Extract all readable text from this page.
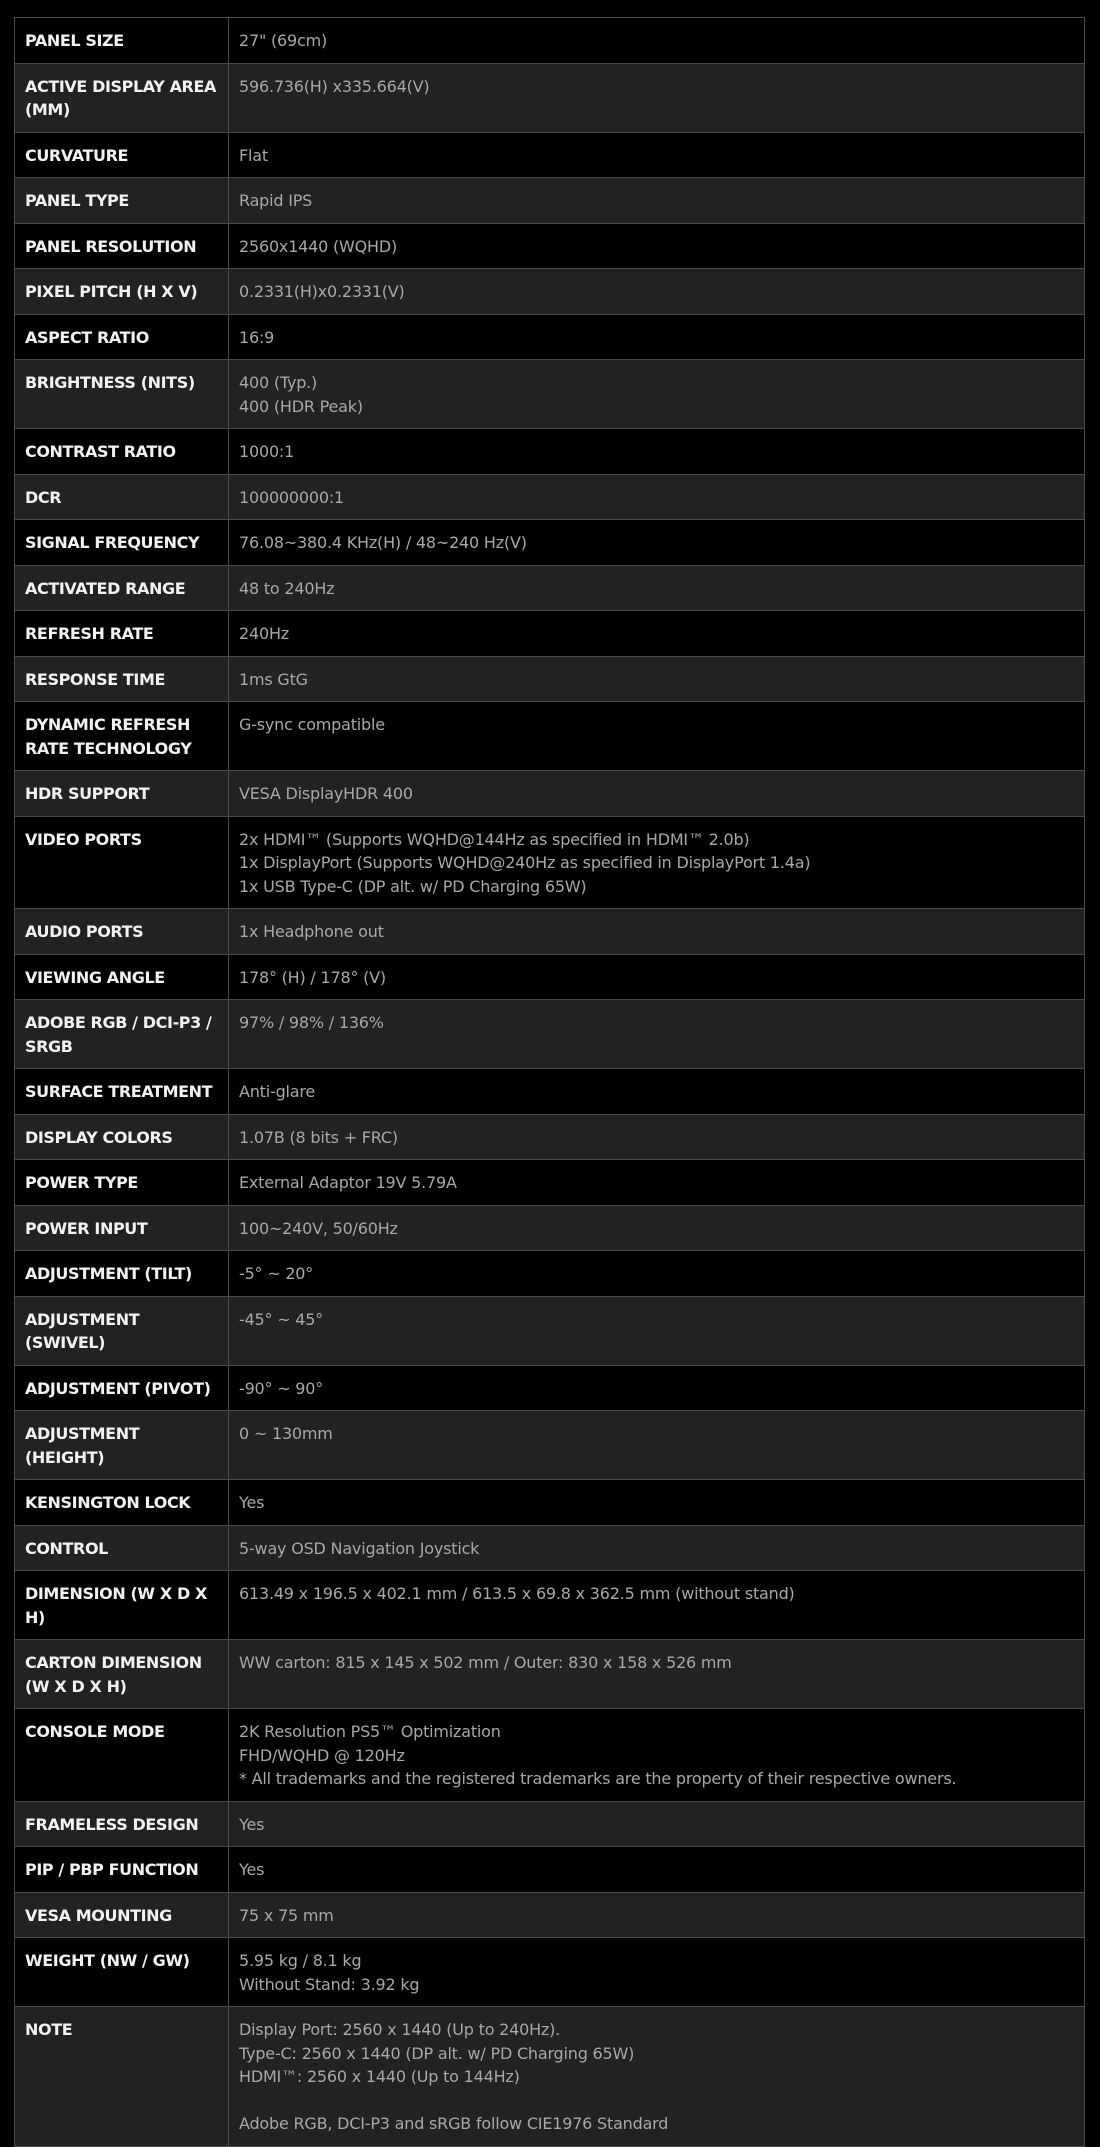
PANEL SIZE	27" (69cm)

ACTIVE DISPLAY AREA (MM)	596.736(H) x335.664(V)

CURVATURE	Flat

PANEL TYPE	Rapid IPS

PANEL RESOLUTION	2560x1440 (WQHD)

PIXEL PITCH (H X V)	0.2331(H)x0.2331(V)

ASPECT RATIO	16:9

BRIGHTNESS (NITS)	400 (Typ.)
400 (HDR Peak)

CONTRAST RATIO	1000:1

DCR	100000000:1

SIGNAL FREQUENCY	76.08~380.4 KHz(H) / 48~240 Hz(V)

ACTIVATED RANGE	48 to 240Hz

REFRESH RATE	240Hz

RESPONSE TIME	1ms GtG

DYNAMIC REFRESH RATE TECHNOLOGY	G-sync compatible

HDR SUPPORT	VESA DisplayHDR 400

VIDEO PORTS	2x HDMI™ (Supports WQHD@144Hz as specified in HDMI™ 2.0b)
1x DisplayPort (Supports WQHD@240Hz as specified in DisplayPort 1.4a)
1x USB Type-C (DP alt. w/ PD Charging 65W)

AUDIO PORTS	1x Headphone out

VIEWING ANGLE	178° (H) / 178° (V)

ADOBE RGB / DCI-P3 / SRGB	97% / 98% / 136%

SURFACE TREATMENT	Anti-glare

DISPLAY COLORS	1.07B (8 bits + FRC)

POWER TYPE	External Adaptor 19V 5.79A

POWER INPUT	100~240V, 50/60Hz

ADJUSTMENT (TILT)	-5° ~ 20°

ADJUSTMENT (SWIVEL)	-45° ~ 45°

ADJUSTMENT (PIVOT)	-90° ~ 90°

ADJUSTMENT (HEIGHT)	0 ~ 130mm

KENSINGTON LOCK	Yes

CONTROL	5-way OSD Navigation Joystick

DIMENSION (W X D X H)	613.49 x 196.5 x 402.1 mm / 613.5 x 69.8 x 362.5 mm (without stand)

CARTON DIMENSION (W X D X H)	WW carton: 815 x 145 x 502 mm / Outer: 830 x 158 x 526 mm

CONSOLE MODE	2K Resolution PS5™ Optimization
FHD/WQHD @ 120Hz
* All trademarks and the registered trademarks are the property of their respective owners.

FRAMELESS DESIGN	Yes

PIP / PBP FUNCTION	Yes

VESA MOUNTING	75 x 75 mm

WEIGHT (NW / GW)	5.95 kg / 8.1 kg
Without Stand: 3.92 kg

NOTE	Display Port: 2560 x 1440 (Up to 240Hz).
Type-C: 2560 x 1440 (DP alt. w/ PD Charging 65W)
HDMI™: 2560 x 1440 (Up to 144Hz)
Adobe RGB, DCI-P3 and sRGB follow CIE1976 Standard
